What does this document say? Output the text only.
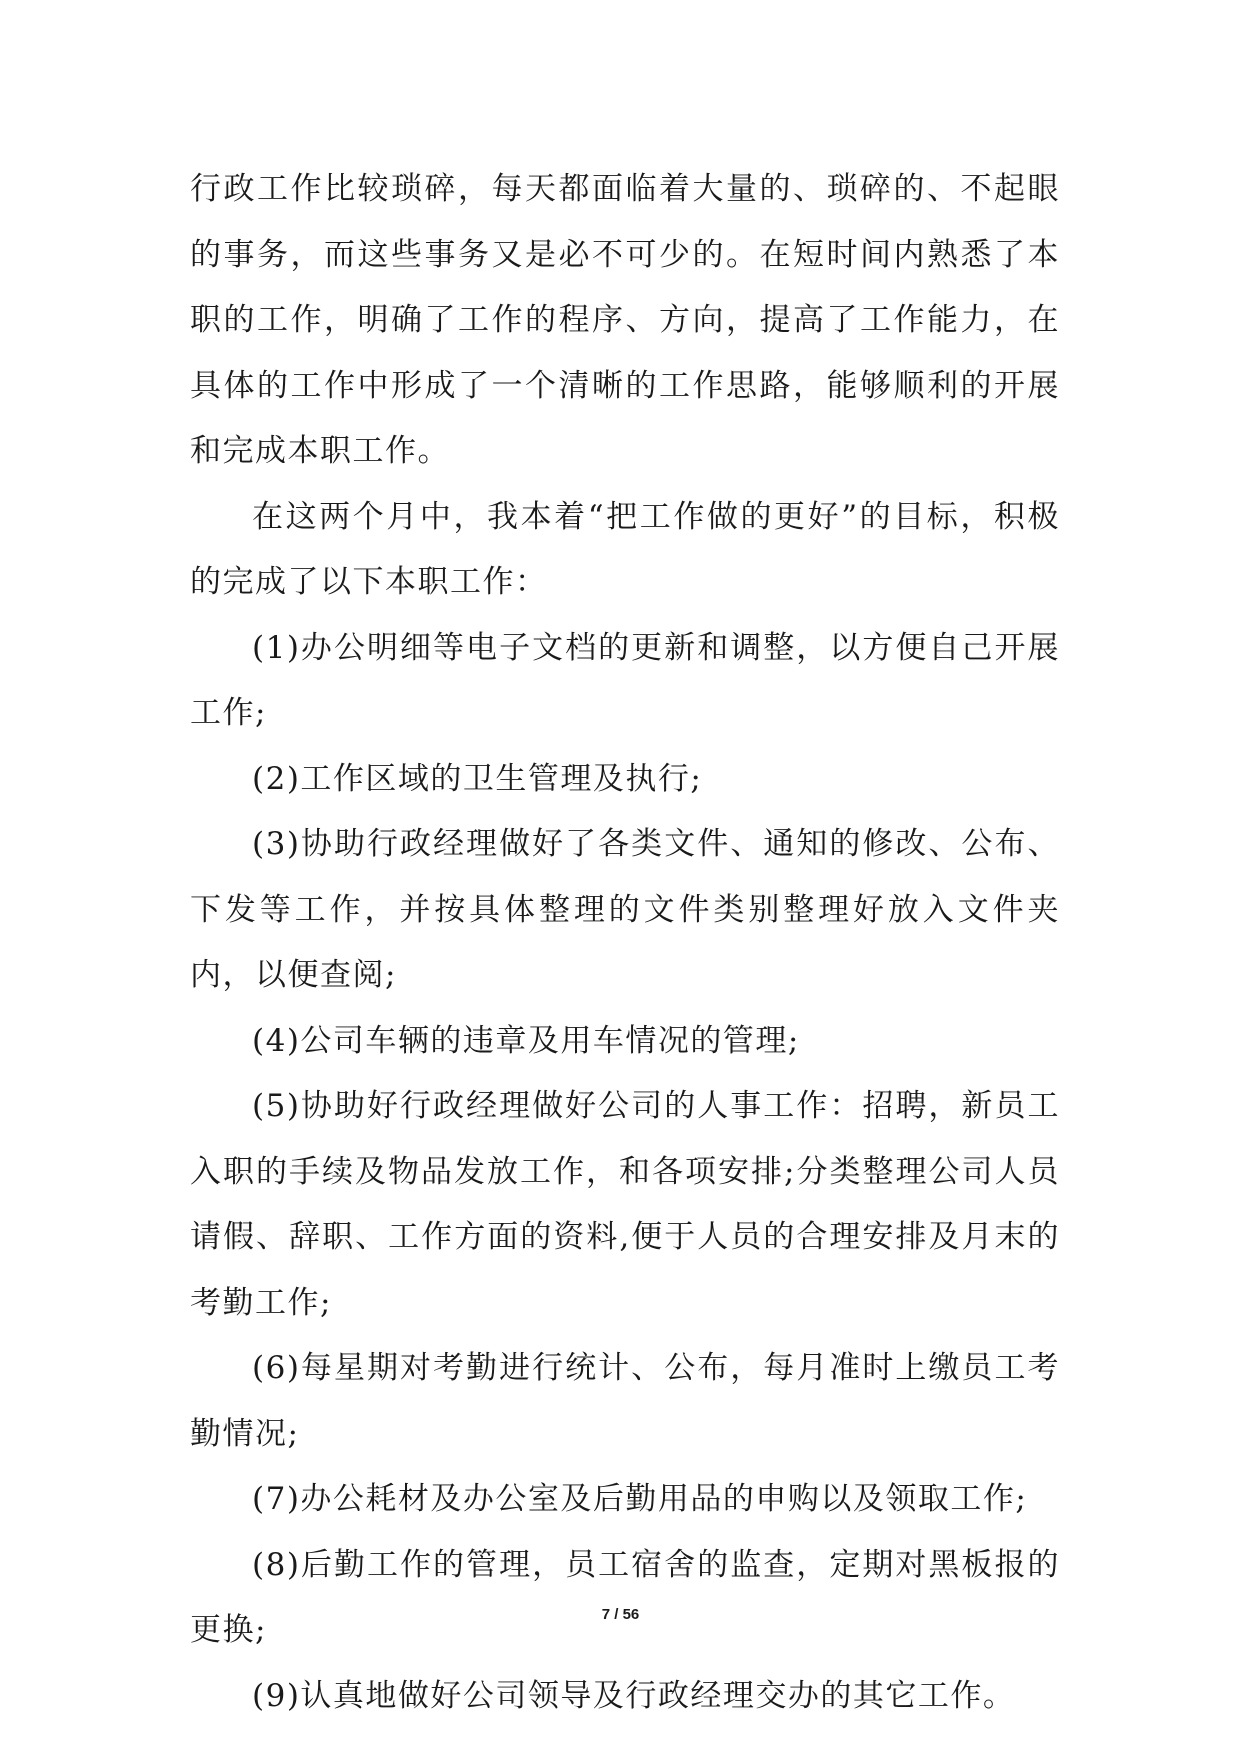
行政工作比较琐碎，每天都面临着大量的、琐碎的、不起眼的事务，而这些事务又是必不可少的。在短时间内熟悉了本职的工作，明确了工作的程序、方向，提高了工作能力，在具体的工作中形成了一个清晰的工作思路，能够顺利的开展和完成本职工作。

在这两个月中，我本着“把工作做的更好”的目标，积极的完成了以下本职工作：

(1)办公明细等电子文档的更新和调整，以方便自己开展工作;

(2)工作区域的卫生管理及执行;

(3)协助行政经理做好了各类文件、通知的修改、公布、下发等工作，并按具体整理的文件类别整理好放入文件夹内，以便查阅;

(4)公司车辆的违章及用车情况的管理;

(5)协助好行政经理做好公司的人事工作：招聘，新员工入职的手续及物品发放工作，和各项安排;分类整理公司人员请假、辞职、工作方面的资料,便于人员的合理安排及月末的考勤工作;

(6)每星期对考勤进行统计、公布，每月准时上缴员工考勤情况;

(7)办公耗材及办公室及后勤用品的申购以及领取工作;

(8)后勤工作的管理，员工宿舍的监查，定期对黑板报的更换;

(9)认真地做好公司领导及行政经理交办的其它工作。

7 / 56
